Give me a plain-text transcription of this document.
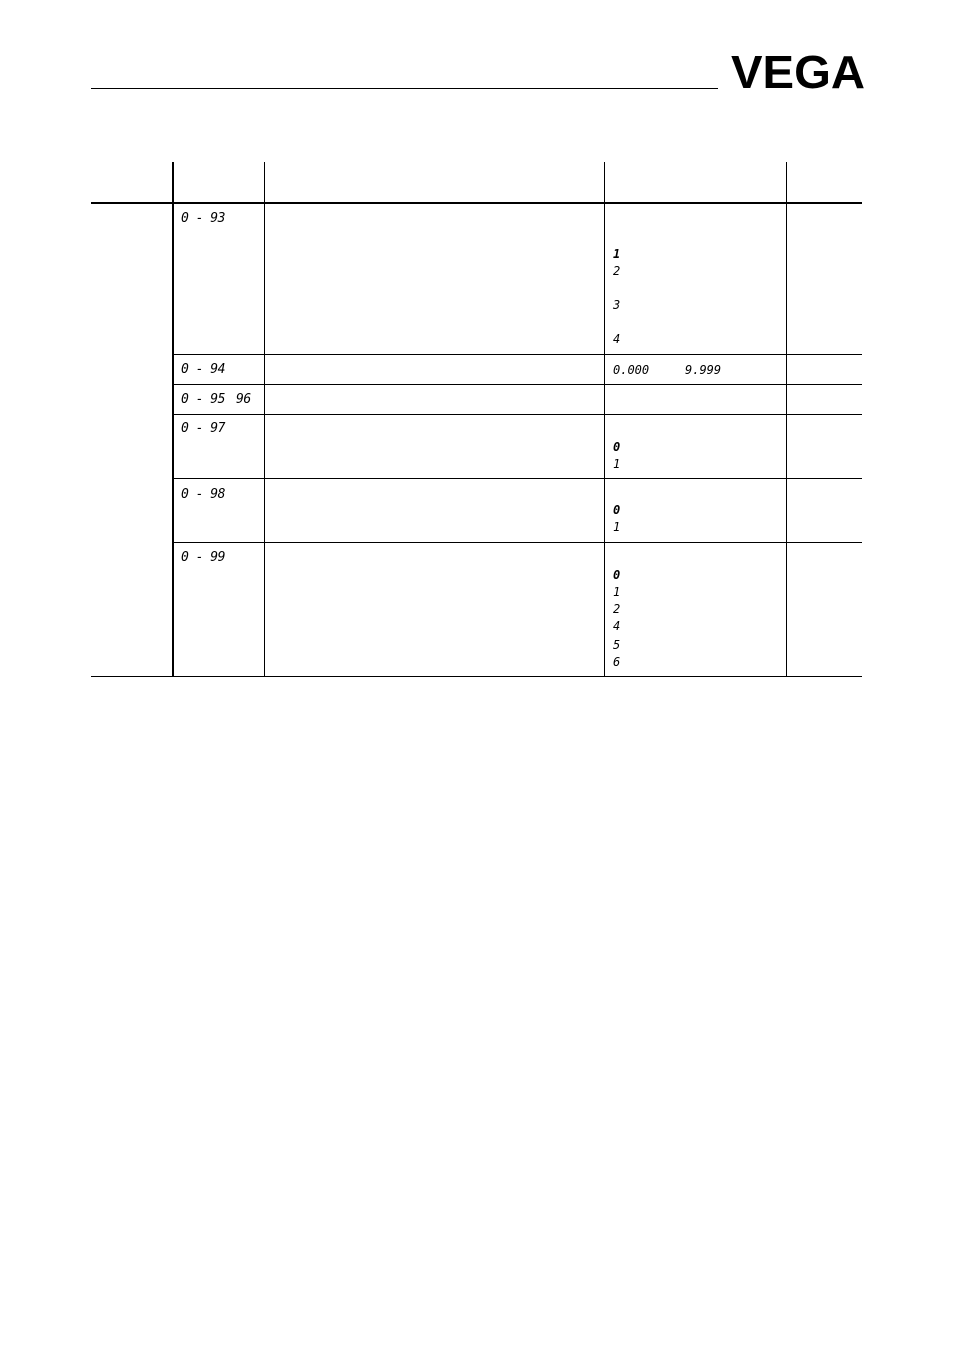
VEGA
0 - 93
1
2
3
4
0 - 94	0.000	9.999
0 - 95 96
0 - 97
0
1
0 - 98
0
1
0 - 99
0
1
2
4
5
6
